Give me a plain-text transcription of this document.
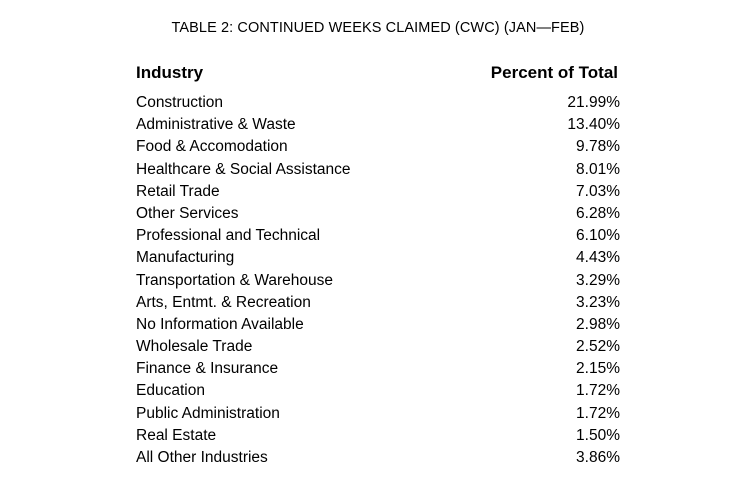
TABLE 2: CONTINUED WEEKS CLAIMED (CWC) (JAN—FEB)
Industry	Percent of Total
Construction	21.99%
Administrative & Waste	13.40%
Food & Accomodation	9.78%
Healthcare & Social Assistance	8.01%
Retail Trade	7.03%
Other Services	6.28%
Professional and Technical	6.10%
Manufacturing	4.43%
Transportation & Warehouse	3.29%
Arts, Entmt. & Recreation	3.23%
No Information Available	2.98%
Wholesale Trade	2.52%
Finance & Insurance	2.15%
Education	1.72%
Public Administration	1.72%
Real Estate	1.50%
All Other Industries	3.86%
